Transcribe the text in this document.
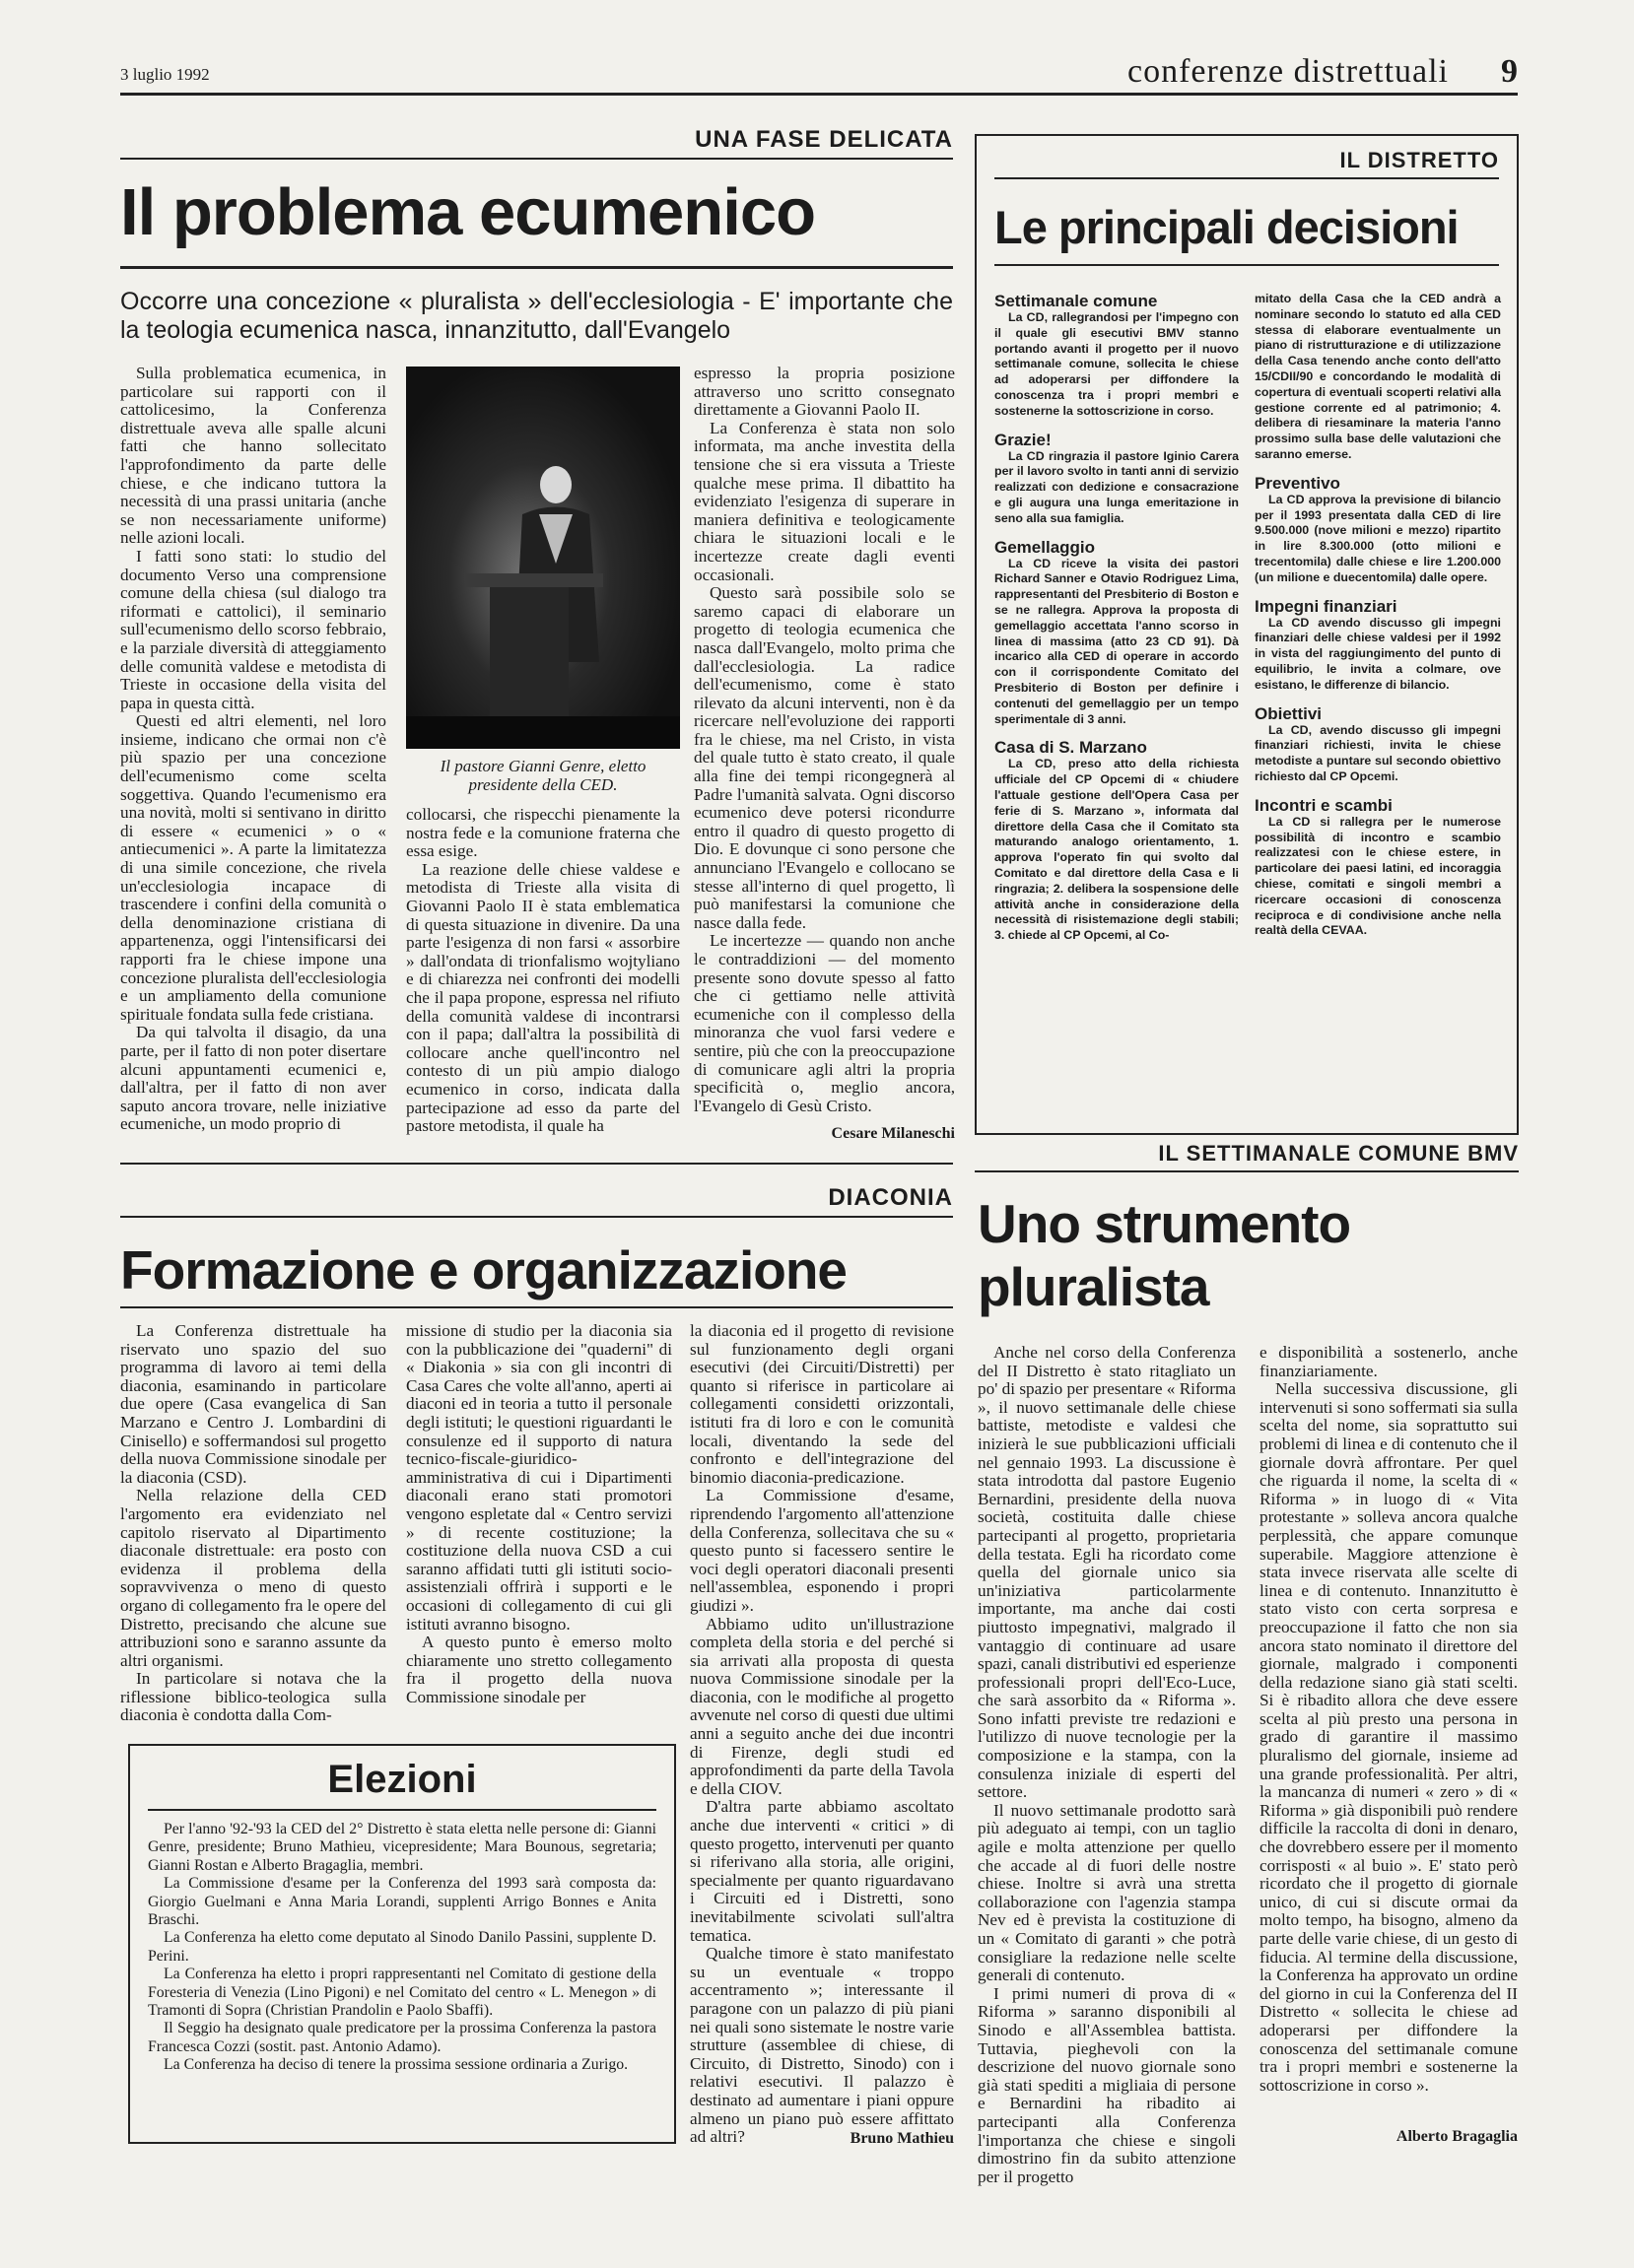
3 luglio 1992	conferenze distrettuali 9
UNA FASE DELICATA
Il problema ecumenico
Occorre una concezione « pluralista » dell'ecclesiologia - E' importante che la teologia ecumenica nasca, innanzitutto, dall'Evangelo

Sulla problematica ecumenica, in particolare sui rapporti con il cattolicesimo, la Conferenza distrettuale aveva alle spalle alcuni fatti che hanno sollecitato l'approfondimento da parte delle chiese, e che indicano tuttora la necessità di una prassi unitaria (anche se non necessariamente uniforme) nelle azioni locali.

I fatti sono stati: lo studio del documento Verso una comprensione comune della chiesa (sul dialogo tra riformati e cattolici), il seminario sull'ecumenismo dello scorso febbraio, e la parziale diversità di atteggiamento delle comunità valdese e metodista di Trieste in occasione della visita del papa in questa città.

Questi ed altri elementi, nel loro insieme, indicano che ormai non c'è più spazio per una concezione dell'ecumenismo come scelta soggettiva. Quando l'ecumenismo era una novità, molti si sentivano in diritto di essere « ecumenici » o « antiecumenici ». A parte la limitatezza di una simile concezione, che rivela un'ecclesiologia incapace di trascendere i confini della comunità o della denominazione cristiana di appartenenza, oggi l'intensificarsi dei rapporti fra le chiese impone una concezione pluralista dell'ecclesiologia e un ampliamento della comunione spirituale fondata sulla fede cristiana.

Da qui talvolta il disagio, da una parte, per il fatto di non poter disertare alcuni appuntamenti ecumenici e, dall'altra, per il fatto di non aver saputo ancora trovare, nelle iniziative ecumeniche, un modo proprio di

Il pastore Gianni Genre, eletto presidente della CED.

collocarsi, che rispecchi pienamente la nostra fede e la comunione fraterna che essa esige.

La reazione delle chiese valdese e metodista di Trieste alla visita di Giovanni Paolo II è stata emblematica di questa situazione in divenire. Da una parte l'esigenza di non farsi « assorbire » dall'ondata di trionfalismo wojtyliano e di chiarezza nei confronti dei modelli che il papa propone, espressa nel rifiuto della comunità valdese di incontrarsi con il papa; dall'altra la possibilità di collocare anche quell'incontro nel contesto di un più ampio dialogo ecumenico in corso, indicata dalla partecipazione ad esso da parte del pastore metodista, il quale ha

espresso la propria posizione attraverso uno scritto consegnato direttamente a Giovanni Paolo II.

La Conferenza è stata non solo informata, ma anche investita della tensione che si era vissuta a Trieste qualche mese prima. Il dibattito ha evidenziato l'esigenza di superare in maniera definitiva e teologicamente chiara le situazioni locali e le incertezze create dagli eventi occasionali.

Questo sarà possibile solo se saremo capaci di elaborare un progetto di teologia ecumenica che nasca dall'Evangelo, molto prima che dall'ecclesiologia. La radice dell'ecumenismo, come è stato rilevato da alcuni interventi, non è da ricercare nell'evoluzione dei rapporti fra le chiese, ma nel Cristo, in vista del quale tutto è stato creato, il quale alla fine dei tempi ricongegnerà al Padre l'umanità salvata. Ogni discorso ecumenico deve potersi ricondurre entro il quadro di questo progetto di Dio. E dovunque ci sono persone che annunciano l'Evangelo e collocano se stesse all'interno di quel progetto, lì può manifestarsi la comunione che nasce dalla fede.

Le incertezze — quando non anche le contraddizioni — del momento presente sono dovute spesso al fatto che ci gettiamo nelle attività ecumeniche con il complesso della minoranza che vuol farsi vedere e sentire, più che con la preoccupazione di comunicare agli altri la propria specificità o, meglio ancora, l'Evangelo di Gesù Cristo.

Cesare Milaneschi
IL DISTRETTO
Le principali decisioni
Settimanale comune

La CD, rallegrandosi per l'impegno con il quale gli esecutivi BMV stanno portando avanti il progetto per il nuovo settimanale comune, sollecita le chiese ad adoperarsi per diffondere la conoscenza tra i propri membri e sostenerne la sottoscrizione in corso.

Grazie!

La CD ringrazia il pastore Iginio Carera per il lavoro svolto in tanti anni di servizio realizzati con dedizione e consacrazione e gli augura una lunga emeritazione in seno alla sua famiglia.

Gemellaggio

La CD riceve la visita dei pastori Richard Sanner e Otavio Rodriguez Lima, rappresentanti del Presbiterio di Boston e se ne rallegra. Approva la proposta di gemellaggio accettata l'anno scorso in linea di massima (atto 23 CD 91). Dà incarico alla CED di operare in accordo con il corrispondente Comitato del Presbiterio di Boston per definire i contenuti del gemellaggio per un tempo sperimentale di 3 anni.

Casa di S. Marzano

La CD, preso atto della richiesta ufficiale del CP Opcemi di « chiudere l'attuale gestione dell'Opera Casa per ferie di S. Marzano », informata dal direttore della Casa che il Comitato sta maturando analogo orientamento, 1. approva l'operato fin qui svolto dal Comitato e dal direttore della Casa e li ringrazia; 2. delibera la sospensione delle attività anche in considerazione della necessità di risistemazione degli stabili; 3. chiede al CP Opcemi, al Co-

mitato della Casa che la CED andrà a nominare secondo lo statuto ed alla CED stessa di elaborare eventualmente un piano di ristrutturazione e di utilizzazione della Casa tenendo anche conto dell'atto 15/CDII/90 e concordando le modalità di copertura di eventuali scoperti relativi alla gestione corrente ed al patrimonio; 4. delibera di riesaminare la materia l'anno prossimo sulla base delle valutazioni che saranno emerse.

Preventivo

La CD approva la previsione di bilancio per il 1993 presentata dalla CED di lire 9.500.000 (nove milioni e mezzo) ripartito in lire 8.300.000 (otto milioni e trecentomila) dalle chiese e lire 1.200.000 (un milione e duecentomila) dalle opere.

Impegni finanziari

La CD avendo discusso gli impegni finanziari delle chiese valdesi per il 1992 in vista del raggiungimento del punto di equilibrio, le invita a colmare, ove esistano, le differenze di bilancio.

Obiettivi

La CD, avendo discusso gli impegni finanziari richiesti, invita le chiese metodiste a puntare sul secondo obiettivo richiesto dal CP Opcemi.

Incontri e scambi

La CD si rallegra per le numerose possibilità di incontro e scambio realizzatesi con le chiese estere, in particolare dei paesi latini, ed incoraggia chiese, comitati e singoli membri a ricercare occasioni di conoscenza reciproca e di condivisione anche nella realtà della CEVAA.

DIACONIA
Formazione e organizzazione

La Conferenza distrettuale ha riservato uno spazio del suo programma di lavoro ai temi della diaconia, esaminando in particolare due opere (Casa evangelica di San Marzano e Centro J. Lombardini di Cinisello) e soffermandosi sul progetto della nuova Commissione sinodale per la diaconia (CSD).

Nella relazione della CED l'argomento era evidenziato nel capitolo riservato al Dipartimento diaconale distrettuale: era posto con evidenza il problema della sopravvivenza o meno di questo organo di collegamento fra le opere del Distretto, precisando che alcune sue attribuzioni sono e saranno assunte da altri organismi.

In particolare si notava che la riflessione biblico-teologica sulla diaconia è condotta dalla Com-

missione di studio per la diaconia sia con la pubblicazione dei "quaderni" di « Diakonia » sia con gli incontri di Casa Cares che volte all'anno, aperti ai diaconi ed in teoria a tutto il personale degli istituti; le questioni riguardanti le consulenze ed il supporto di natura tecnico-fiscale-giuridico-amministrativa di cui i Dipartimenti diaconali erano stati promotori vengono espletate dal « Centro servizi » di recente costituzione; la costituzione della nuova CSD a cui saranno affidati tutti gli istituti socio-assistenziali offrirà i supporti e le occasioni di collegamento di cui gli istituti avranno bisogno.

A questo punto è emerso molto chiaramente uno stretto collegamento fra il progetto della nuova Commissione sinodale per

la diaconia ed il progetto di revisione sul funzionamento degli organi esecutivi (dei Circuiti/Distretti) per quanto si riferisce in particolare ai collegamenti considetti orizzontali, istituti fra di loro e con le comunità locali, diventando la sede del confronto e dell'integrazione del binomio diaconia-predicazione.

La Commissione d'esame, riprendendo l'argomento all'attenzione della Conferenza, sollecitava che su « questo punto si facessero sentire le voci degli operatori diaconali presenti nell'assemblea, esponendo i propri giudizi ».

Abbiamo udito un'illustrazione completa della storia e del perché si sia arrivati alla proposta di questa nuova Commissione sinodale per la diaconia, con le modifiche al progetto avvenute nel corso di questi due ultimi anni a seguito anche dei due incontri di Firenze, degli studi ed approfondimenti da parte della Tavola e della CIOV.

D'altra parte abbiamo ascoltato anche due interventi « critici » di questo progetto, intervenuti per quanto si riferivano alla storia, alle origini, specialmente per quanto riguardavano i Circuiti ed i Distretti, sono inevitabilmente scivolati sull'altra tematica.

Qualche timore è stato manifestato su un eventuale « troppo accentramento »; interessante il paragone con un palazzo di più piani nei quali sono sistemate le nostre varie strutture (assemblee di chiese, di Circuito, di Distretto, Sinodo) con i relativi esecutivi. Il palazzo è destinato ad aumentare i piani oppure almeno un piano può essere affittato ad altri?	Bruno Mathieu
Elezioni

Per l'anno '92-'93 la CED del 2° Distretto è stata eletta nelle persone di: Gianni Genre, presidente; Bruno Mathieu, vicepresidente; Mara Bounous, segretaria; Gianni Rostan e Alberto Bragaglia, membri.

La Commissione d'esame per la Conferenza del 1993 sarà composta da: Giorgio Guelmani e Anna Maria Lorandi, supplenti Arrigo Bonnes e Anita Braschi.

La Conferenza ha eletto come deputato al Sinodo Danilo Passini, supplente D. Perini.

La Conferenza ha eletto i propri rappresentanti nel Comitato di gestione della Foresteria di Venezia (Lino Pigoni) e nel Comitato del centro « L. Menegon » di Tramonti di Sopra (Christian Prandolin e Paolo Sbaffi).

Il Seggio ha designato quale predicatore per la prossima Conferenza la pastora Francesca Cozzi (sostit. past. Antonio Adamo).

La Conferenza ha deciso di tenere la prossima sessione ordinaria a Zurigo.

IL SETTIMANALE COMUNE BMV
Uno strumento
pluralista

Anche nel corso della Conferenza del II Distretto è stato ritagliato un po' di spazio per presentare « Riforma », il nuovo settimanale delle chiese battiste, metodiste e valdesi che inizierà le sue pubblicazioni ufficiali nel gennaio 1993. La discussione è stata introdotta dal pastore Eugenio Bernardini, presidente della nuova società, costituita dalle chiese partecipanti al progetto, proprietaria della testata. Egli ha ricordato come quella del giornale unico sia un'iniziativa particolarmente importante, ma anche dai costi piuttosto impegnativi, malgrado il vantaggio di continuare ad usare spazi, canali distributivi ed esperienze professionali propri dell'Eco-Luce, che sarà assorbito da « Riforma ». Sono infatti previste tre redazioni e l'utilizzo di nuove tecnologie per la composizione e la stampa, con la consulenza iniziale di esperti del settore.

Il nuovo settimanale prodotto sarà più adeguato ai tempi, con un taglio agile e molta attenzione per quello che accade al di fuori delle nostre chiese. Inoltre si avrà una stretta collaborazione con l'agenzia stampa Nev ed è prevista la costituzione di un « Comitato di garanti » che potrà consigliare la redazione nelle scelte generali di contenuto.

I primi numeri di prova di « Riforma » saranno disponibili al Sinodo e all'Assemblea battista. Tuttavia, pieghevoli con la descrizione del nuovo giornale sono già stati spediti a migliaia di persone e Bernardini ha ribadito ai partecipanti alla Conferenza l'importanza che chiese e singoli dimostrino fin da subito attenzione per il progetto

e disponibilità a sostenerlo, anche finanziariamente.

Nella successiva discussione, gli intervenuti si sono soffermati sia sulla scelta del nome, sia soprattutto sui problemi di linea e di contenuto che il giornale dovrà affrontare. Per quel che riguarda il nome, la scelta di « Riforma » in luogo di « Vita protestante » solleva ancora qualche perplessità, che appare comunque superabile. Maggiore attenzione è stata invece riservata alle scelte di linea e di contenuto. Innanzitutto è stato visto con certa sorpresa e preoccupazione il fatto che non sia ancora stato nominato il direttore del giornale, malgrado i componenti della redazione siano già stati scelti. Si è ribadito allora che deve essere scelta al più presto una persona in grado di garantire il massimo pluralismo del giornale, insieme ad una grande professionalità. Per altri, la mancanza di numeri « zero » di « Riforma » già disponibili può rendere difficile la raccolta di doni in denaro, che dovrebbero essere per il momento corrisposti « al buio ». E' stato però ricordato che il progetto di giornale unico, di cui si discute ormai da molto tempo, ha bisogno, almeno da parte delle varie chiese, di un gesto di fiducia. Al termine della discussione, la Conferenza ha approvato un ordine del giorno in cui la Conferenza del II Distretto « sollecita le chiese ad adoperarsi per diffondere la conoscenza del settimanale comune tra i propri membri e sostenerne la sottoscrizione in corso ».

Alberto Bragaglia
